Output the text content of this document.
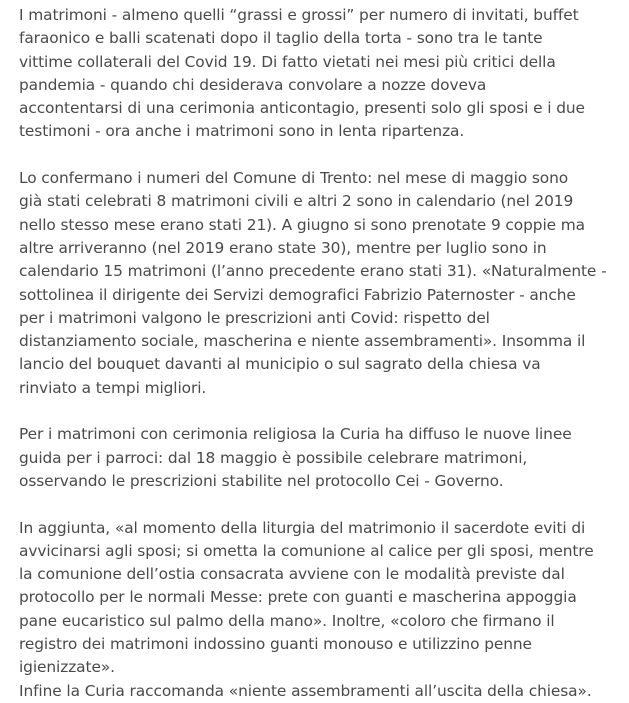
I matrimoni - almeno quelli “grassi e grossi” per numero di invitati, buffet
faraonico e balli scatenati dopo il taglio della torta - sono tra le tante
vittime collaterali del Covid 19. Di fatto vietati nei mesi più critici della
pandemia - quando chi desiderava convolare a nozze doveva
accontentarsi di una cerimonia anticontagio, presenti solo gli sposi e i due
testimoni - ora anche i matrimoni sono in lenta ripartenza.

Lo confermano i numeri del Comune di Trento: nel mese di maggio sono
già stati celebrati 8 matrimoni civili e altri 2 sono in calendario (nel 2019
nello stesso mese erano stati 21). A giugno si sono prenotate 9 coppie ma
altre arriveranno (nel 2019 erano state 30), mentre per luglio sono in
calendario 15 matrimoni (l’anno precedente erano stati 31). «Naturalmente -
sottolinea il dirigente dei Servizi demografici Fabrizio Paternoster - anche
per i matrimoni valgono le prescrizioni anti Covid: rispetto del
distanziamento sociale, mascherina e niente assembramenti». Insomma il
lancio del bouquet davanti al municipio o sul sagrato della chiesa va
rinviato a tempi migliori.

Per i matrimoni con cerimonia religiosa la Curia ha diffuso le nuove linee
guida per i parroci: dal 18 maggio è possibile celebrare matrimoni,
osservando le prescrizioni stabilite nel protocollo Cei - Governo.

In aggiunta, «al momento della liturgia del matrimonio il sacerdote eviti di
avvicinarsi agli sposi; si ometta la comunione al calice per gli sposi, mentre
la comunione dell’ostia consacrata avviene con le modalità previste dal
protocollo per le normali Messe: prete con guanti e mascherina appoggia
pane eucaristico sul palmo della mano». Inoltre, «coloro che firmano il
registro dei matrimoni indossino guanti monouso e utilizzino penne
igienizzate».

Infine la Curia raccomanda «niente assembramenti all’uscita della chiesa».
